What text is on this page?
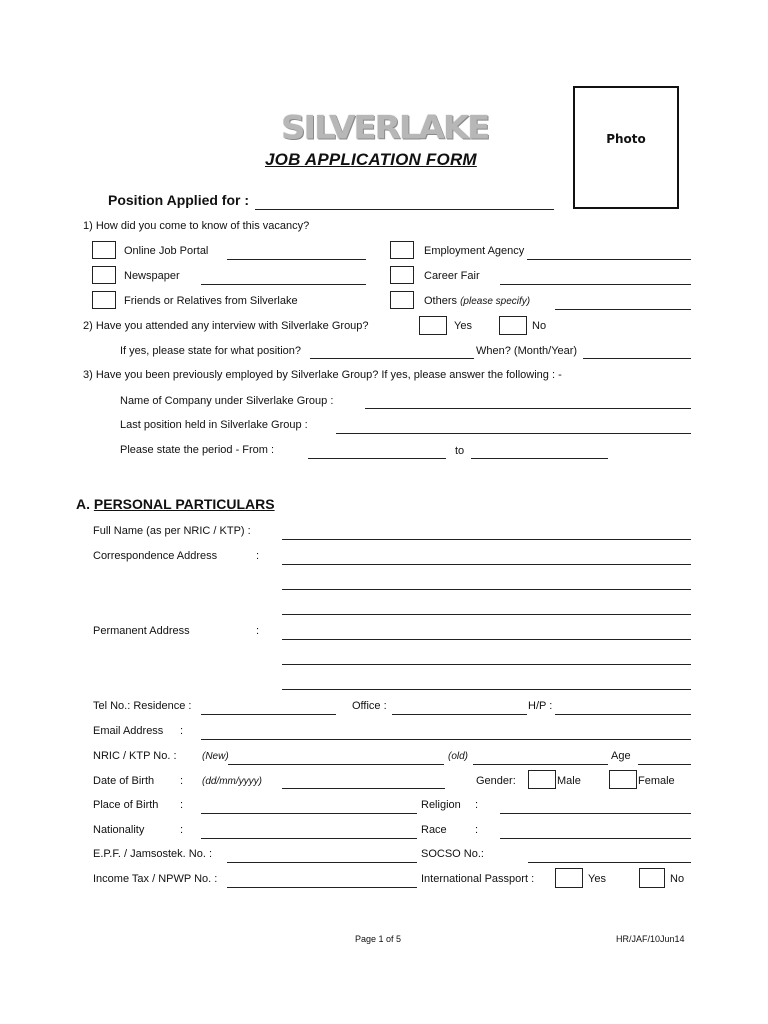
SILVERLAKE
JOB APPLICATION FORM
Photo
Position Applied for :
1) How did you come to know of this vacancy?
Online Job Portal	Employment Agency
Newspaper	Career Fair
Friends or Relatives from Silverlake	Others (please specify)
2) Have you attended any interview with Silverlake Group?	Yes	No
If yes, please state for what position?	When? (Month/Year)
3) Have you been previously employed by Silverlake Group? If yes, please answer the following : -
Name of Company under Silverlake Group :
Last position held in Silverlake Group :
Please state the period - From :	to
A. PERSONAL PARTICULARS
Full Name (as per NRIC / KTP) :
Correspondence Address	:
Permanent Address	:
Tel No.: Residence :	Office :	H/P :
Email Address :
NRIC / KTP No. :	(New)	(old)	Age
Date of Birth : (dd/mm/yyyy)	Gender:	Male	Female
Place of Birth :	Religion :
Nationality	:	Race	:
E.P.F. / Jamsostek. No. :	SOCSO No.:
Income Tax / NPWP No. :	International Passport :	Yes	No
Page 1 of 5	HR/JAF/10Jun14
